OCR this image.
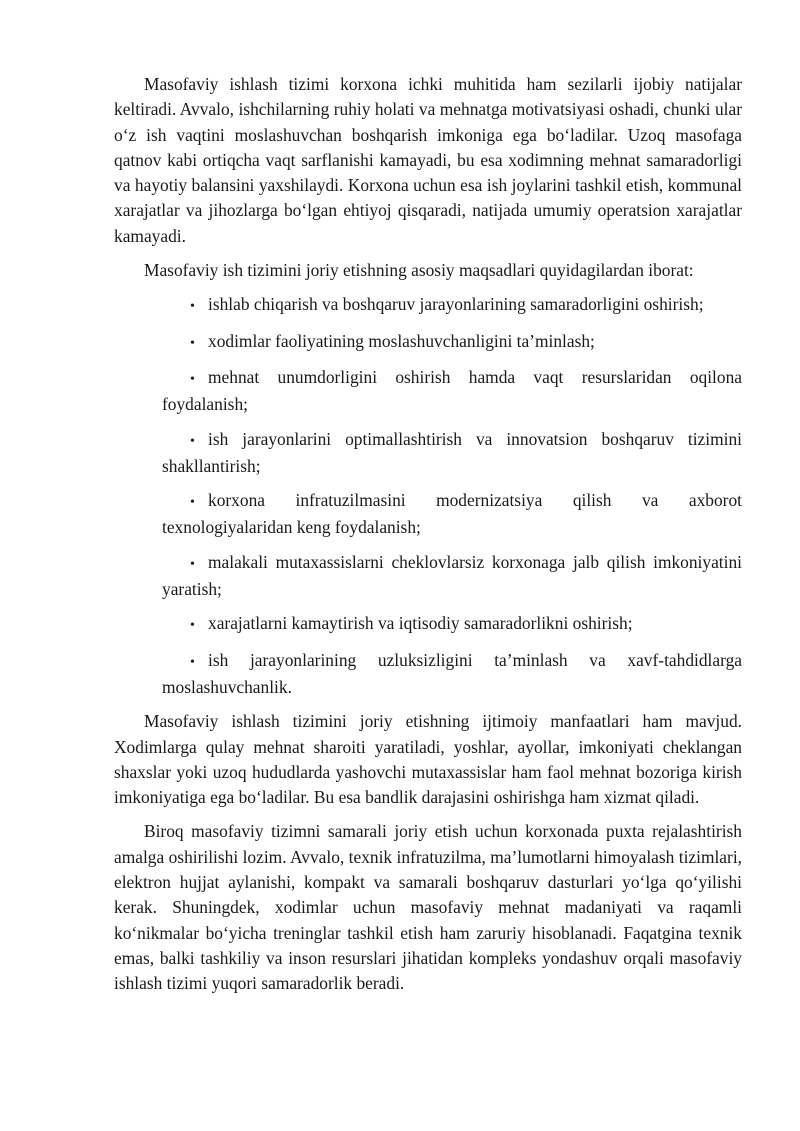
Masofaviy ishlash tizimi korxona ichki muhitida ham sezilarli ijobiy natijalar keltiradi. Avvalo, ishchilarning ruhiy holati va mehnatga motivatsiyasi oshadi, chunki ular oʻz ish vaqtini moslashuvchan boshqarish imkoniga ega boʻladilar. Uzoq masofaga qatnov kabi ortiqcha vaqt sarflanishi kamayadi, bu esa xodimning mehnat samaradorligi va hayotiy balansini yaxshilaydi. Korxona uchun esa ish joylarini tashkil etish, kommunal xarajatlar va jihozlarga boʻlgan ehtiyoj qisqaradi, natijada umumiy operatsion xarajatlar kamayadi.

Masofaviy ish tizimini joriy etishning asosiy maqsadlari quyidagilardan iborat:

• ishlab chiqarish va boshqaruv jarayonlarining samaradorligini oshirish;
• xodimlar faoliyatining moslashuvchanligini taʼminlash;
• mehnat unumdorligini oshirish hamda vaqt resurslaridan oqilona foydalanish;
• ish jarayonlarini optimallashtirish va innovatsion boshqaruv tizimini shakllantirish;
• korxona infratuzilmasini modernizatsiya qilish va axborot texnologiyalaridan keng foydalanish;
• malakali mutaxassislarni cheklovlarsiz korxonaga jalb qilish imkoniyatini yaratish;
• xarajatlarni kamaytirish va iqtisodiy samaradorlikni oshirish;
• ish jarayonlarining uzluksizligini taʼminlash va xavf-tahdidlarga moslashuvchanlik.

Masofaviy ishlash tizimini joriy etishning ijtimoiy manfaatlari ham mavjud. Xodimlarga qulay mehnat sharoiti yaratiladi, yoshlar, ayollar, imkoniyati cheklangan shaxslar yoki uzoq hududlarda yashovchi mutaxassislar ham faol mehnat bozoriga kirish imkoniyatiga ega boʻladilar. Bu esa bandlik darajasini oshirishga ham xizmat qiladi.

Biroq masofaviy tizimni samarali joriy etish uchun korxonada puxta rejalashtirish amalga oshirilishi lozim. Avvalo, texnik infratuzilma, maʼlumotlarni himoyalash tizimlari, elektron hujjat aylanishi, kompakt va samarali boshqaruv dasturlari yoʻlga qoʻyilishi kerak. Shuningdek, xodimlar uchun masofaviy mehnat madaniyati va raqamli koʻnikmalar boʻyicha treninglar tashkil etish ham zaruriy hisoblanadi. Faqatgina texnik emas, balki tashkiliy va inson resurslari jihatidan kompleks yondashuv orqali masofaviy ishlash tizimi yuqori samaradorlik beradi.
